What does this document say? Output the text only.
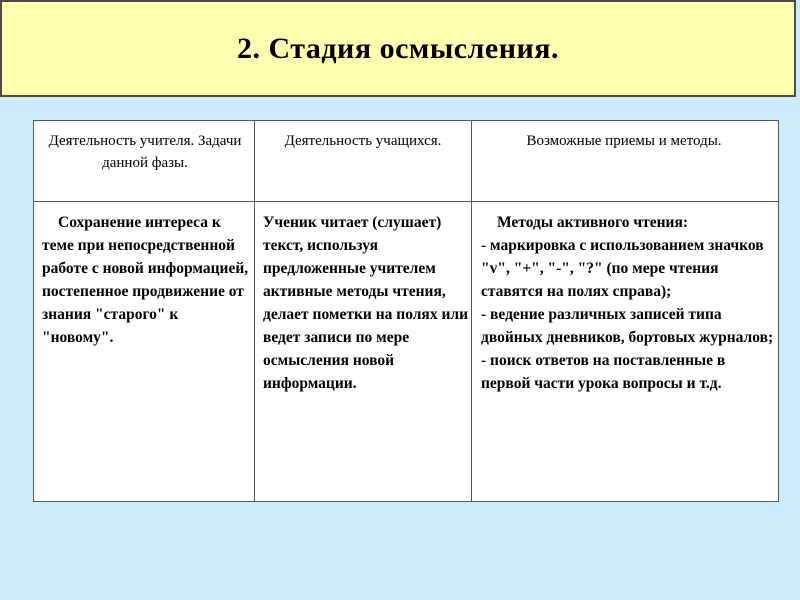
2. Стадия осмысления.
Деятельность учителя. Задачи данной фазы.
Деятельность учащихся.	Возможные приемы и методы.
Сохранение интереса к теме при непосредственной работе с новой информацией, постепенное продвижение от знания "старого" к "новому".
Ученик читает (слушает) текст, используя предложенные учителем активные методы чтения, делает пометки на полях или ведет записи по мере осмысления новой информации.
Методы активного чтения:
- маркировка с использованием значков "v", "+", "-", "?" (по мере чтения ставятся на полях справа);
- ведение различных записей типа двойных дневников, бортовых журналов;
- поиск ответов на поставленные в первой части урока вопросы и т.д.
